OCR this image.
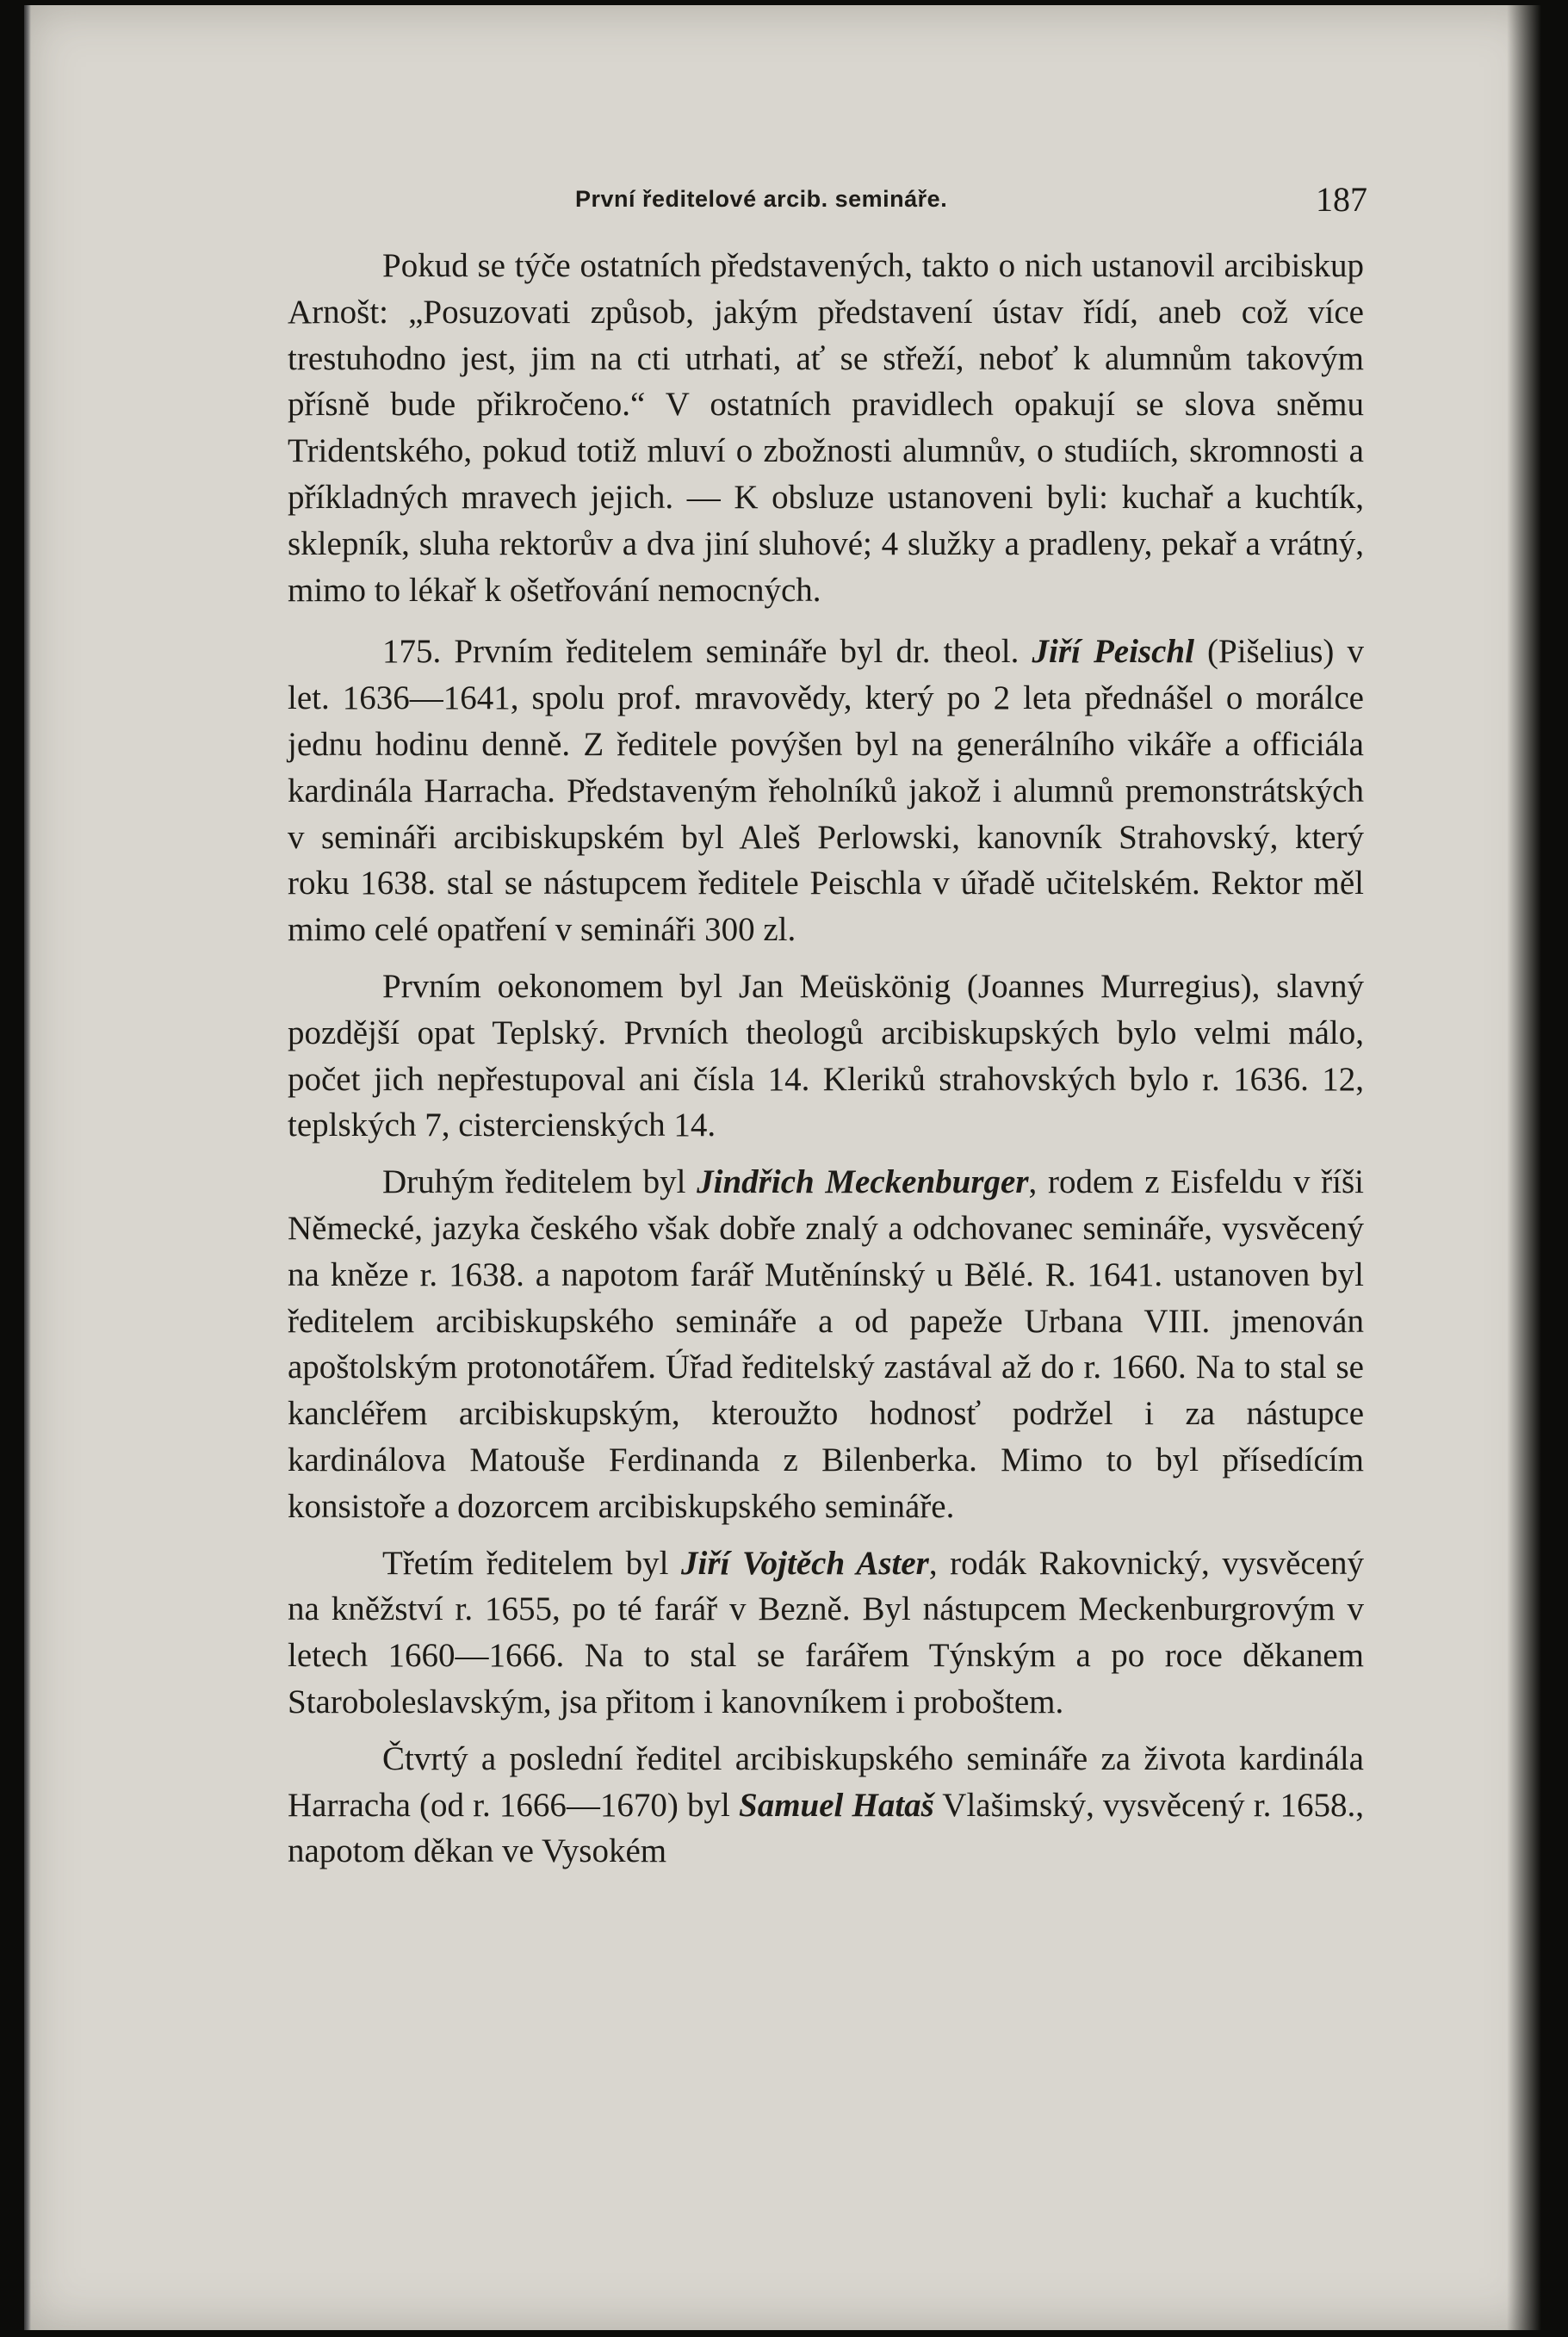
První ředitelové arcib. semináře.	187

Pokud se týče ostatních představených, takto o nich ustanovil arcibiskup Arnošt: „Posuzovati způsob, jakým představení ústav řídí, aneb což více trestuhodno jest, jim na cti utrhati, ať se střeží, neboť k alumnům takovým přísně bude přikročeno.“ V ostatních pravidlech opakují se slova sněmu Tridentského, pokud totiž mluví o zbožnosti alumnův, o studiích, skromnosti a příkladných mravech jejich. — K obsluze ustanoveni byli: kuchař a kuchtík, sklepník, sluha rektorův a dva jiní sluhové; 4 služky a pradleny, pekař a vrátný, mimo to lékař k ošetřování nemocných.

175. Prvním ředitelem semináře byl dr. theol. Jiří Peischl (Pišelius) v let. 1636—1641, spolu prof. mravovědy, který po 2 leta přednášel o morálce jednu hodinu denně. Z ředitele povýšen byl na generálního vikáře a officiála kardinála Harracha. Představeným řeholníků jakož i alumnů premonstrátských v semináři arcibiskupském byl Aleš Perlowski, kanovník Strahovský, který roku 1638. stal se nástupcem ředitele Peischla v úřadě učitelském. Rektor měl mimo celé opatření v semináři 300 zl.

Prvním oekonomem byl Jan Meüskönig (Joannes Murregius), slavný pozdější opat Teplský. Prvních theologů arcibiskupských bylo velmi málo, počet jich nepřestupoval ani čísla 14. Kleriků strahovských bylo r. 1636. 12, teplských 7, cistercienských 14.

Druhým ředitelem byl Jindřich Meckenburger, rodem z Eisfeldu v říši Německé, jazyka českého však dobře znalý a odchovanec semináře, vysvěcený na kněze r. 1638. a napotom farář Mutěnínský u Bělé. R. 1641. ustanoven byl ředitelem arcibiskupského semináře a od papeže Urbana VIII. jmenován apoštolským protonotářem. Úřad ředitelský zastával až do r. 1660. Na to stal se kancléřem arcibiskupským, kteroužto hodnosť podržel i za nástupce kardinálova Matouše Ferdinanda z Bilenberka. Mimo to byl přísedícím konsistoře a dozorcem arcibiskupského semináře.

Třetím ředitelem byl Jiří Vojtěch Aster, rodák Rakovnický, vysvěcený na kněžství r. 1655, po té farář v Bezně. Byl nástupcem Meckenburgrovým v letech 1660—1666. Na to stal se farářem Týnským a po roce děkanem Staroboleslavským, jsa přitom i kanovníkem i proboštem.

Čtvrtý a poslední ředitel arcibiskupského semináře za života kardinála Harracha (od r. 1666—1670) byl Samuel Hataš Vlašimský, vysvěcený r. 1658., napotom děkan ve Vysokém
